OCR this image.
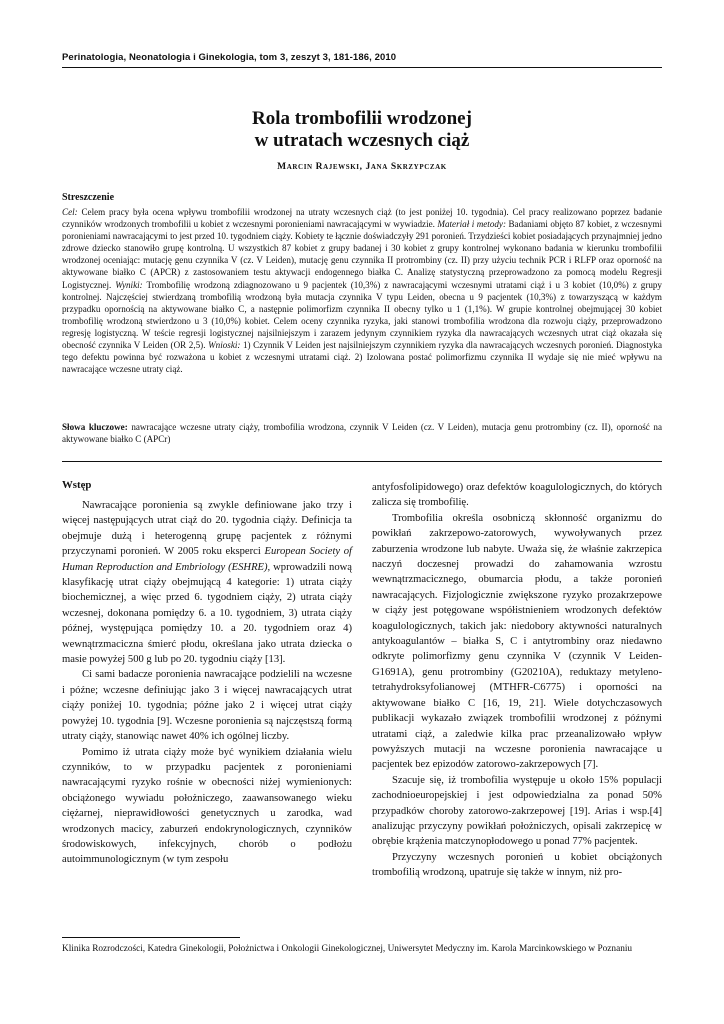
Perinatologia, Neonatologia i Ginekologia, tom 3, zeszyt 3, 181-186, 2010
Rola trombofilii wrodzonej
w utratach wczesnych ciąż
Marcin Rajewski, Jana Skrzypczak
Streszczenie

Cel: Celem pracy była ocena wpływu trombofilii wrodzonej na utraty wczesnych ciąż (to jest poniżej 10. tygodnia). Cel pracy realizowano poprzez badanie czynników wrodzonych trombofilii u kobiet z wczesnymi poronieniami nawracającymi w wywiadzie. Materiał i metody: Badaniami objęto 87 kobiet, z wczesnymi poronieniami nawracającymi to jest przed 10. tygodniem ciąży. Kobiety te łącznie doświadczyły 291 poronień. Trzydzieści kobiet posiadających przynajmniej jedno zdrowe dziecko stanowiło grupę kontrolną. U wszystkich 87 kobiet z grupy badanej i 30 kobiet z grupy kontrolnej wykonano badania w kierunku trombofilii wrodzonej oceniając: mutację genu czynnika V (cz. V Leiden), mutację genu czynnika II protrombiny (cz. II) przy użyciu technik PCR i RLFP oraz oporność na aktywowane białko C (APCR) z zastosowaniem testu aktywacji endogennego białka C. Analizę statystyczną przeprowadzono za pomocą modelu Regresji Logistycznej. Wyniki: Trombofilię wrodzoną zdiagnozowano u 9 pacjentek (10,3%) z nawracającymi wczesnymi utratami ciąż i u 3 kobiet (10,0%) z grupy kontrolnej. Najczęściej stwierdzaną trombofilią wrodzoną była mutacja czynnika V typu Leiden, obecna u 9 pacjentek (10,3%) z towarzyszącą w każdym przypadku opornością na aktywowane białko C, a następnie polimorfizm czynnika II obecny tylko u 1 (1,1%). W grupie kontrolnej obejmującej 30 kobiet trombofilię wrodzoną stwierdzono u 3 (10,0%) kobiet. Celem oceny czynnika ryzyka, jaki stanowi trombofilia wrodzona dla rozwoju ciąży, przeprowadzono regresję logistyczną. W teście regresji logistycznej najsilniejszym i zarazem jedynym czynnikiem ryzyka dla nawracających wczesnych utrat ciąż okazała się obecność czynnika V Leiden (OR 2,5). Wnioski: 1) Czynnik V Leiden jest najsilniejszym czynnikiem ryzyka dla nawracających wczesnych poronień. Diagnostyka tego defektu powinna być rozważona u kobiet z wczesnymi utratami ciąż. 2) Izolowana postać polimorfizmu czynnika II wydaje się nie mieć wpływu na nawracające wczesne utraty ciąż.

Słowa kluczowe: nawracające wczesne utraty ciąży, trombofilia wrodzona, czynnik V Leiden (cz. V Leiden), mutacja genu protrombiny (cz. II), oporność na aktywowane białko C (APCr)
Wstęp

Nawracające poronienia są zwykle definiowane jako trzy i więcej następujących utrat ciąż do 20. tygodnia ciąży. Definicja ta obejmuje dużą i heterogenną grupę pacjentek z różnymi przyczynami poronień. W 2005 roku eksperci European Society of Human Reproduction and Embriology (ESHRE), wprowadzili nową klasyfikację utrat ciąży obejmującą 4 kategorie: 1) utrata ciąży biochemicznej, a więc przed 6. tygodniem ciąży, 2) utrata ciąży wczesnej, dokonana pomiędzy 6. a 10. tygodniem, 3) utrata ciąży późnej, występująca pomiędzy 10. a 20. tygodniem oraz 4) wewnątrzmaciczna śmierć płodu, określana jako utrata dziecka o masie powyżej 500 g lub po 20. tygodniu ciąży [13].

Ci sami badacze poronienia nawracające podzielili na wczesne i późne; wczesne definiując jako 3 i więcej nawracających utrat ciąży poniżej 10. tygodnia; późne jako 2 i więcej utrat ciąży powyżej 10. tygodnia [9]. Wczesne poronienia są najczęstszą formą utraty ciąży, stanowiąc nawet 40% ich ogólnej liczby.

Pomimo iż utrata ciąży może być wynikiem działania wielu czynników, to w przypadku pacjentek z poronieniami nawracającymi ryzyko rośnie w obecności niżej wymienionych: obciążonego wywiadu położniczego, zaawansowanego wieku ciężarnej, nieprawidłowości genetycznych u zarodka, wad wrodzonych macicy, zaburzeń endokrynologicznych, czynników środowiskowych, infekcyjnych, chorób o podłożu autoimmunologicznym (w tym zespołu

antyfosfolipidowego) oraz defektów koagulologicznych, do których zalicza się trombofilię.

Trombofilia określa osobniczą skłonność organizmu do powikłań zakrzepowo-zatorowych, wywoływanych przez zaburzenia wrodzone lub nabyte. Uważa się, że właśnie zakrzepica naczyń doczesnej prowadzi do zahamowania wzrostu wewnątrzmacicznego, obumarcia płodu, a także poronień nawracających. Fizjologicznie zwiększone ryzyko prozakrzepowe w ciąży jest potęgowane współistnieniem wrodzonych defektów koagulologicznych, takich jak: niedobory aktywności naturalnych antykoagulantów – białka S, C i antytrombiny oraz niedawno odkryte polimorfizmy genu czynnika V (czynnik V Leiden-G1691A), genu protrombiny (G20210A), reduktazy metyleno-tetrahydroksyfolianowej (MTHFR-C6775) i oporności na aktywowane białko C [16, 19, 21]. Wiele dotychczasowych publikacji wykazało związek trombofilii wrodzonej z późnymi utratami ciąż, a zaledwie kilka prac przeanalizowało wpływ powyższych mutacji na wczesne poronienia nawracające u pacjentek bez epizodów zatorowo-zakrzepowych [7].

Szacuje się, iż trombofilia występuje u około 15% populacji zachodnioeuropejskiej i jest odpowiedzialna za ponad 50% przypadków choroby zatorowo-zakrzepowej [19]. Arias i wsp.[4] analizując przyczyny powikłań położniczych, opisali zakrzepicę w obrębie krążenia matczynopłodowego u ponad 77% pacjentek.

Przyczyny wczesnych poronień u kobiet obciążonych trombofilią wrodzoną, upatruje się także w innym, niż pro-

Klinika Rozrodczości, Katedra Ginekologii, Położnictwa i Onkologii Ginekologicznej, Uniwersytet Medyczny im. Karola Marcinkowskiego w Poznaniu
